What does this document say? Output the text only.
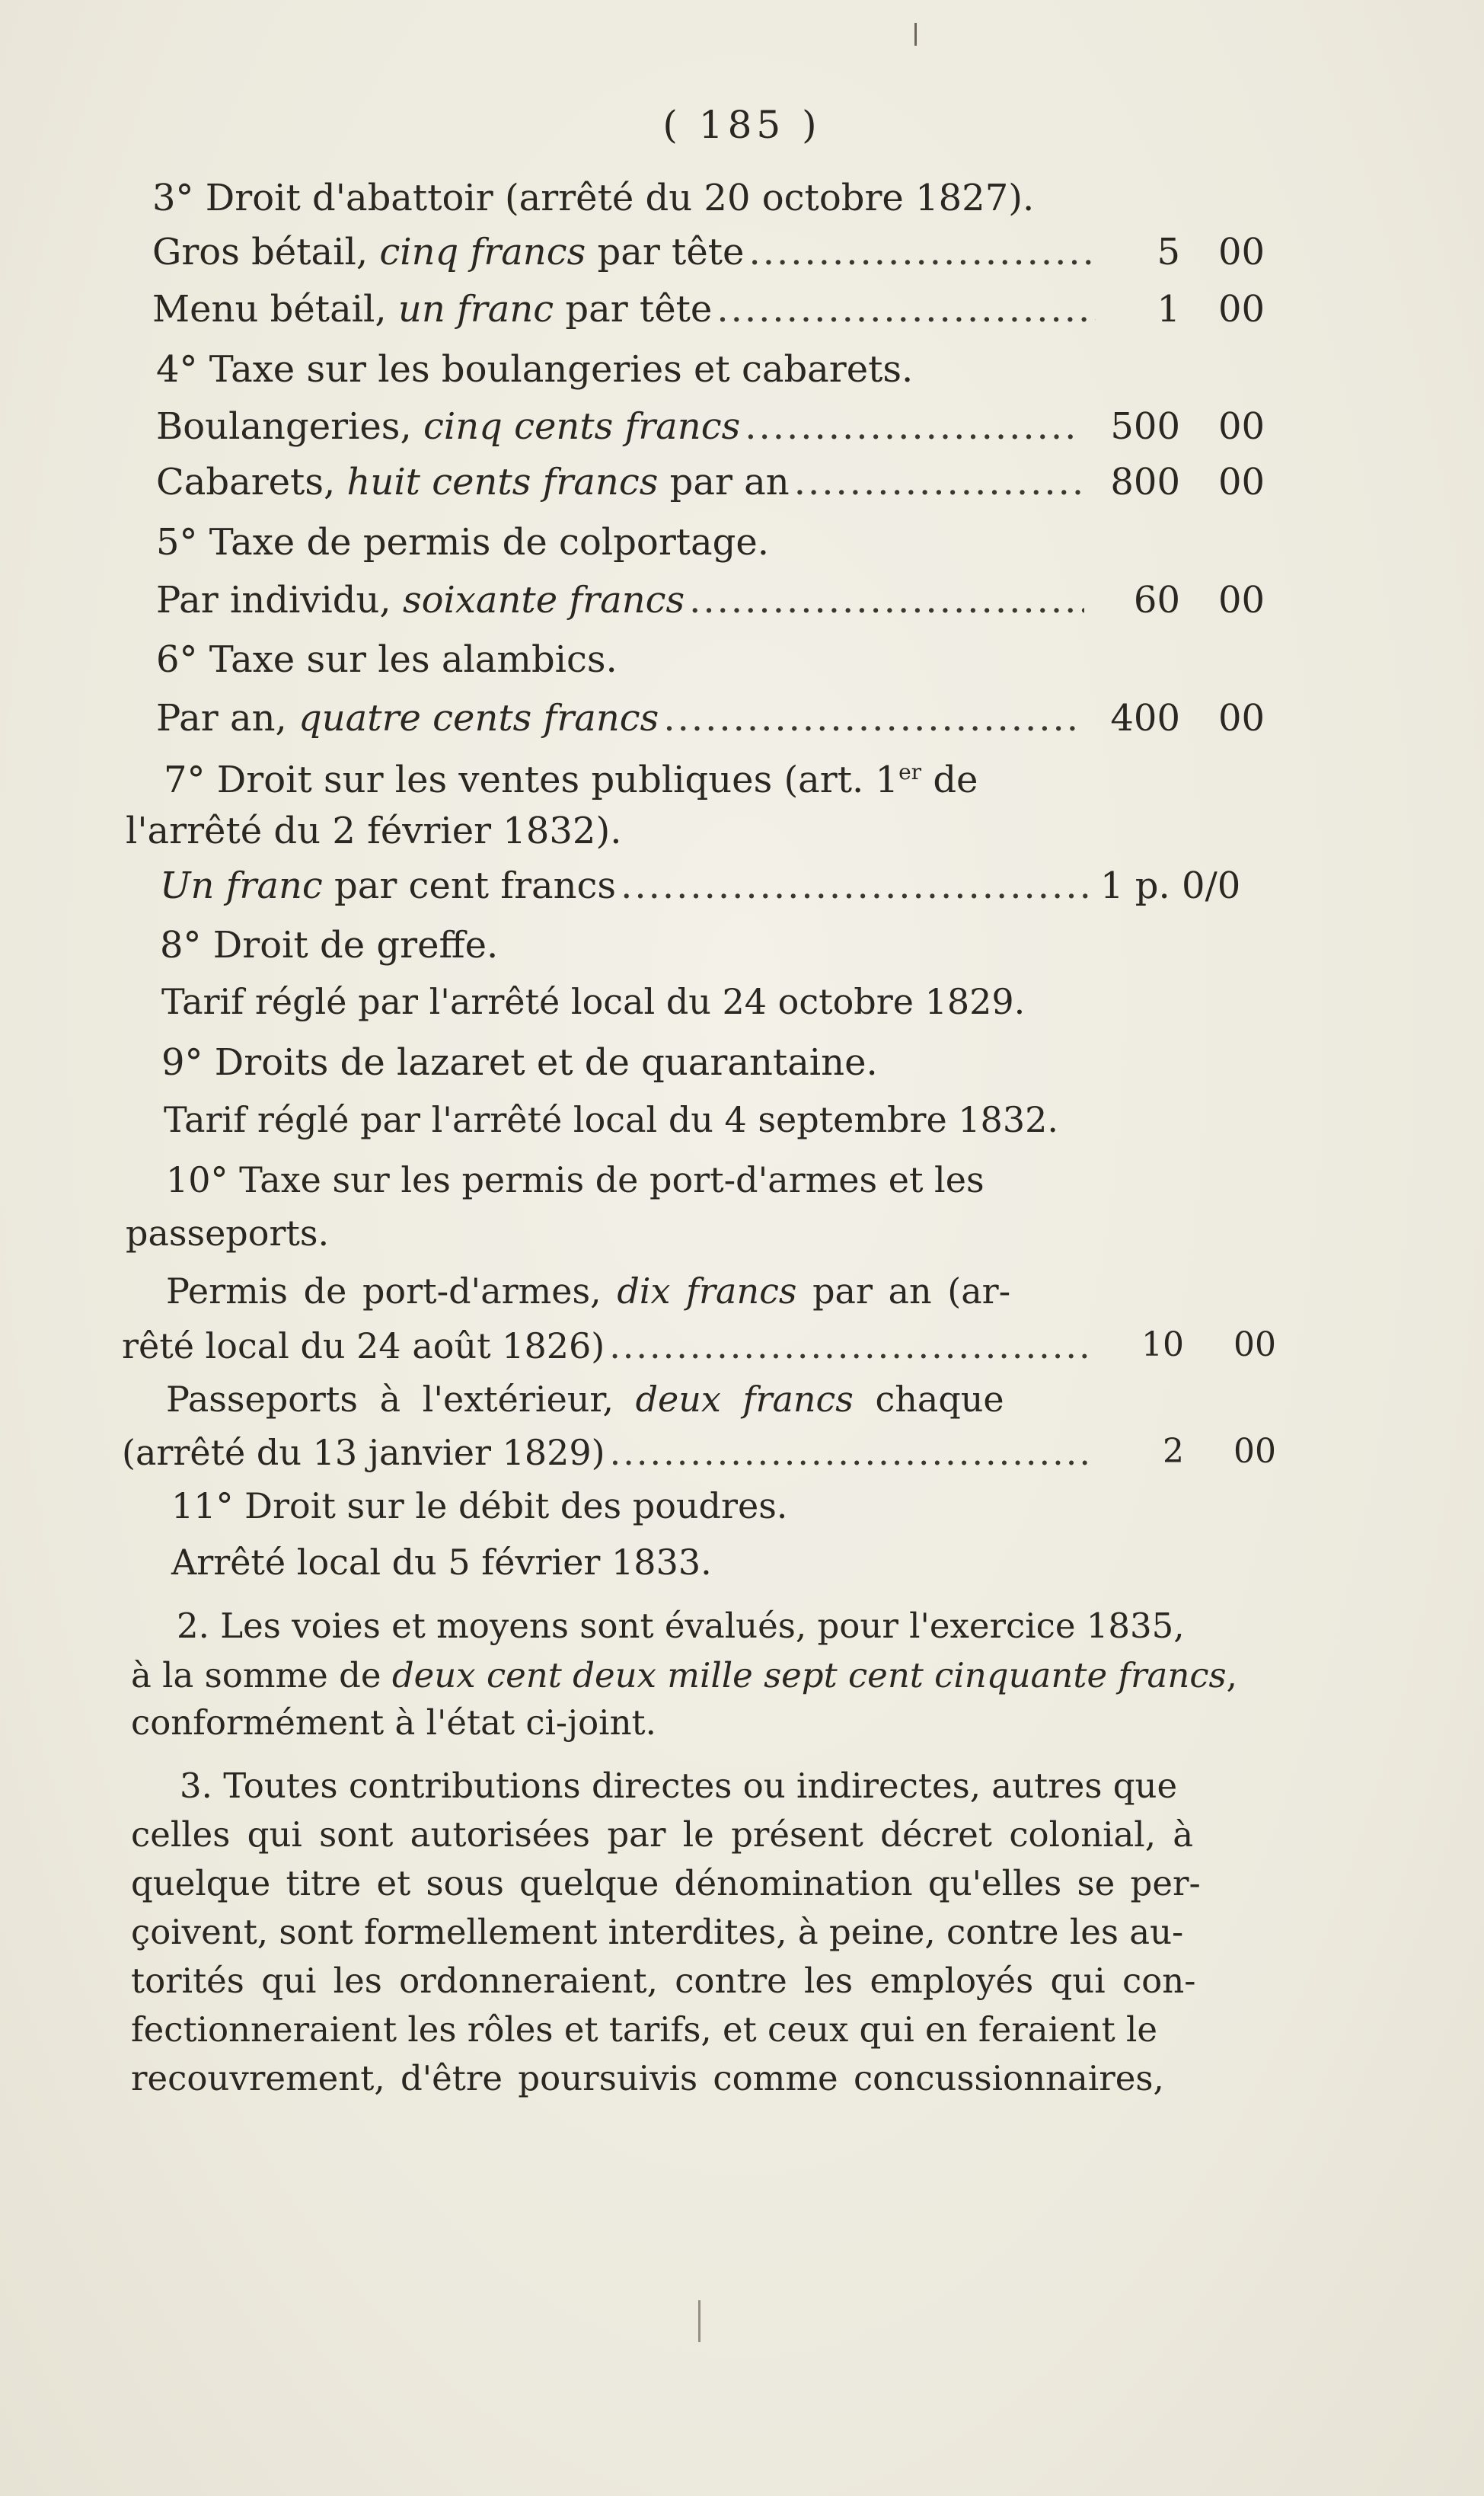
( 185 )
3° Droit d'abattoir (arrêté du 20 octobre 1827).
Gros bétail, cinq francs par tête .....	5 00
Menu bétail, un franc par tête .....	1 00
4° Taxe sur les boulangeries et cabarets.
Boulangeries, cinq cents francs .....	500 00
Cabarets, huit cents francs par an .....	800 00
5° Taxe de permis de colportage.
Par individu, soixante francs .....	60 00
6° Taxe sur les alambics.
Par an, quatre cents francs .....	400 00
7° Droit sur les ventes publiques (art. 1er de
l'arrêté du 2 février 1832).
Un franc par cent francs .....	1 p. 0/0
8° Droit de greffe.
Tarif réglé par l'arrêté local du 24 octobre 1829.
9° Droits de lazaret et de quarantaine.
Tarif réglé par l'arrêté local du 4 septembre 1832.
10° Taxe sur les permis de port-d'armes et les
passeports.
Permis de port-d'armes, dix francs par an (ar-
rêté local du 24 août 1826) .....	10 00
Passeports à l'extérieur, deux francs chaque
(arrêté du 13 janvier 1829) .....	2 00
11° Droit sur le débit des poudres.
Arrêté local du 5 février 1833.
2. Les voies et moyens sont évalués, pour l'exercice 1835,
à la somme de deux cent deux mille sept cent cinquante francs,
conformément à l'état ci-joint.
3. Toutes contributions directes ou indirectes, autres que
celles qui sont autorisées par le présent décret colonial, à
quelque titre et sous quelque dénomination qu'elles se per-
çoivent, sont formellement interdites, à peine, contre les au-
torités qui les ordonneraient, contre les employés qui con-
fectionneraient les rôles et tarifs, et ceux qui en feraient le
recouvrement, d'être poursuivis comme concussionnaires,
